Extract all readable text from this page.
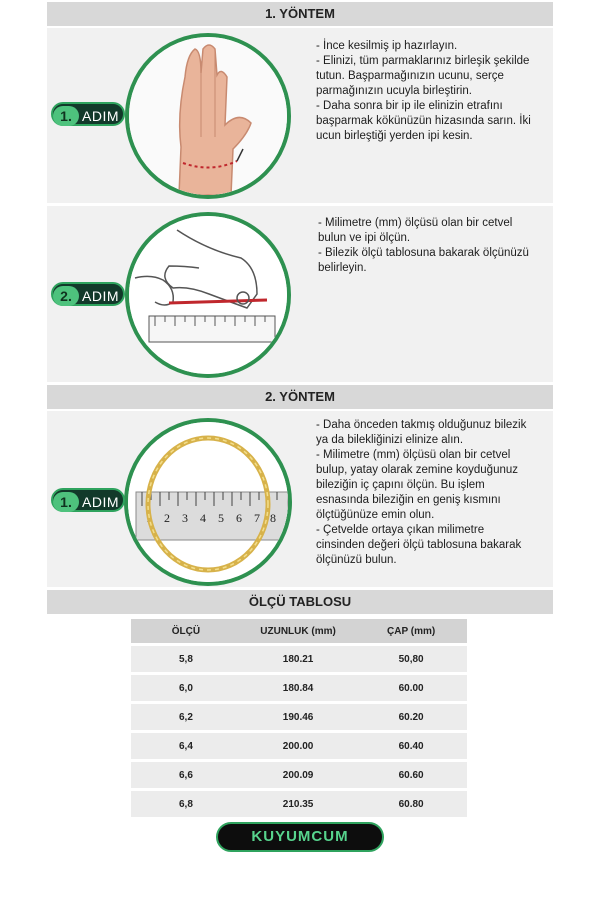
1. YÖNTEM
1. ADIM

- İnce kesilmiş ip hazırlayın.

- Elinizi, tüm parmaklarınız birleşik şekilde
tutun. Başparmağınızın ucunu, serçe
parmağınızın ucuyla birleştirin.

- Daha sonra bir ip ile elinizin etrafını
başparmak kökünüzün hizasında sarın. İki
ucun birleştiği yerden ipi kesin.

2. ADIM

- Milimetre (mm) ölçüsü olan bir cetvel
bulun ve ipi ölçün.

- Bilezik ölçü tablosuna bakarak ölçünüzü
belirleyin.

2. YÖNTEM
1 2 3 4 5 6 7 8
1. ADIM

- Daha önceden takmış olduğunuz bilezik
ya da bilekliğinizi elinize alın.

- Milimetre (mm) ölçüsü olan bir cetvel
bulup, yatay olarak zemine koyduğunuz
bileziğin iç çapını ölçün. Bu işlem
esnasında bileziğin en geniş kısmını
ölçtüğünüze emin olun.

- Çetvelde ortaya çıkan milimetre
cinsinden değeri ölçü tablosuna bakarak
ölçünüzü bulun.

ÖLÇÜ TABLOSU
ÖLÇÜ	UZUNLUK (mm)	ÇAP (mm)
5,8	180.21	50,80
6,0	180.84	60.00
6,2	190.46	60.20
6,4	200.00	60.40
6,6	200.09	60.60
6,8	210.35	60.80
KUYUMCUM
